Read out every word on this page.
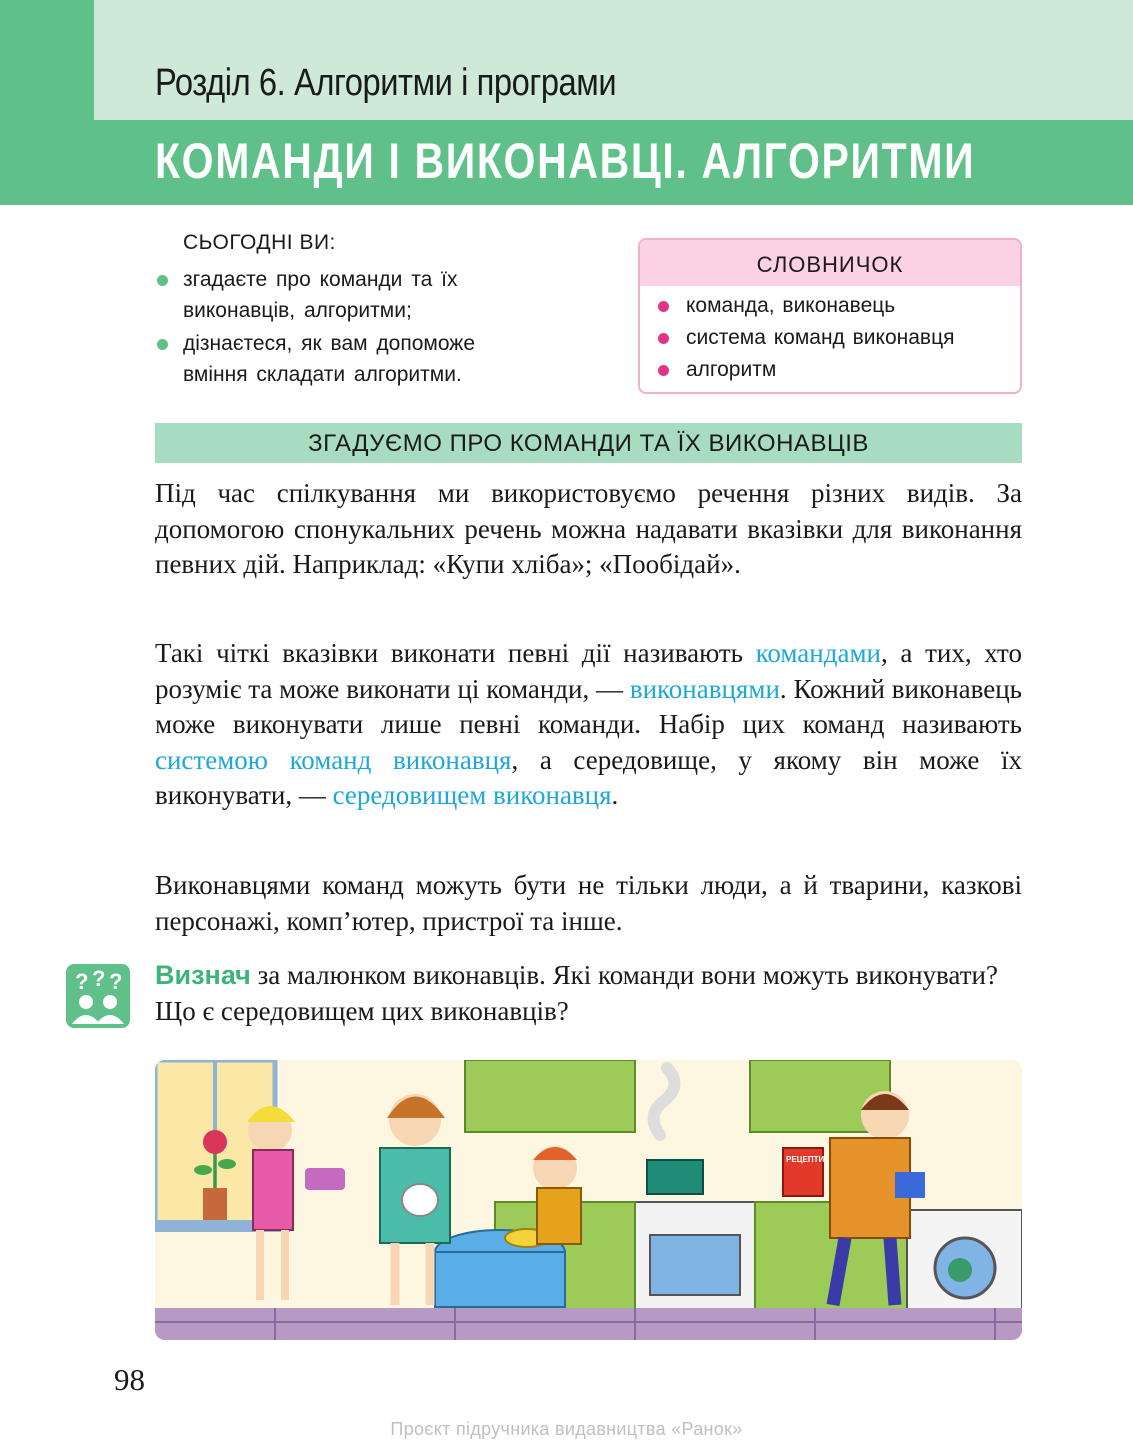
Розділ 6. Алгоритми і програми
КОМАНДИ І ВИКОНАВЦІ. АЛГОРИТМИ
СЬОГОДНІ ВИ:
згадаєте про команди та їх виконавців, алгоритми;
дізнаєтеся, як вам допоможе вміння складати алгоритми.
СЛОВНИЧОК
команда, виконавець
система команд виконавця
алгоритм
ЗГАДУЄМО ПРО КОМАНДИ ТА ЇХ ВИКОНАВЦІВ

Під час спілкування ми використовуємо речення різних видів. За допомогою спонукальних речень можна надавати вказівки для виконання певних дій. Наприклад: «Купи хліба»; «Пообідай».

Такі чіткі вказівки виконати певні дії називають командами, а тих, хто розуміє та може виконати ці команди, — виконавцями. Кожний виконавець може виконувати лише певні команди. Набір цих команд називають системою команд виконавця, а середовище, у якому він може їх виконувати, — середовищем виконавця.

Виконавцями команд можуть бути не тільки люди, а й тварини, казкові персонажі, комп’ютер, пристрої та інше.

? ? ? Визнач за малюнком виконавців. Які команди вони можуть виконувати? Що є середовищем цих виконавців?

РЕЦЕПТИ
98
Проєкт підручника видавництва «Ранок»
